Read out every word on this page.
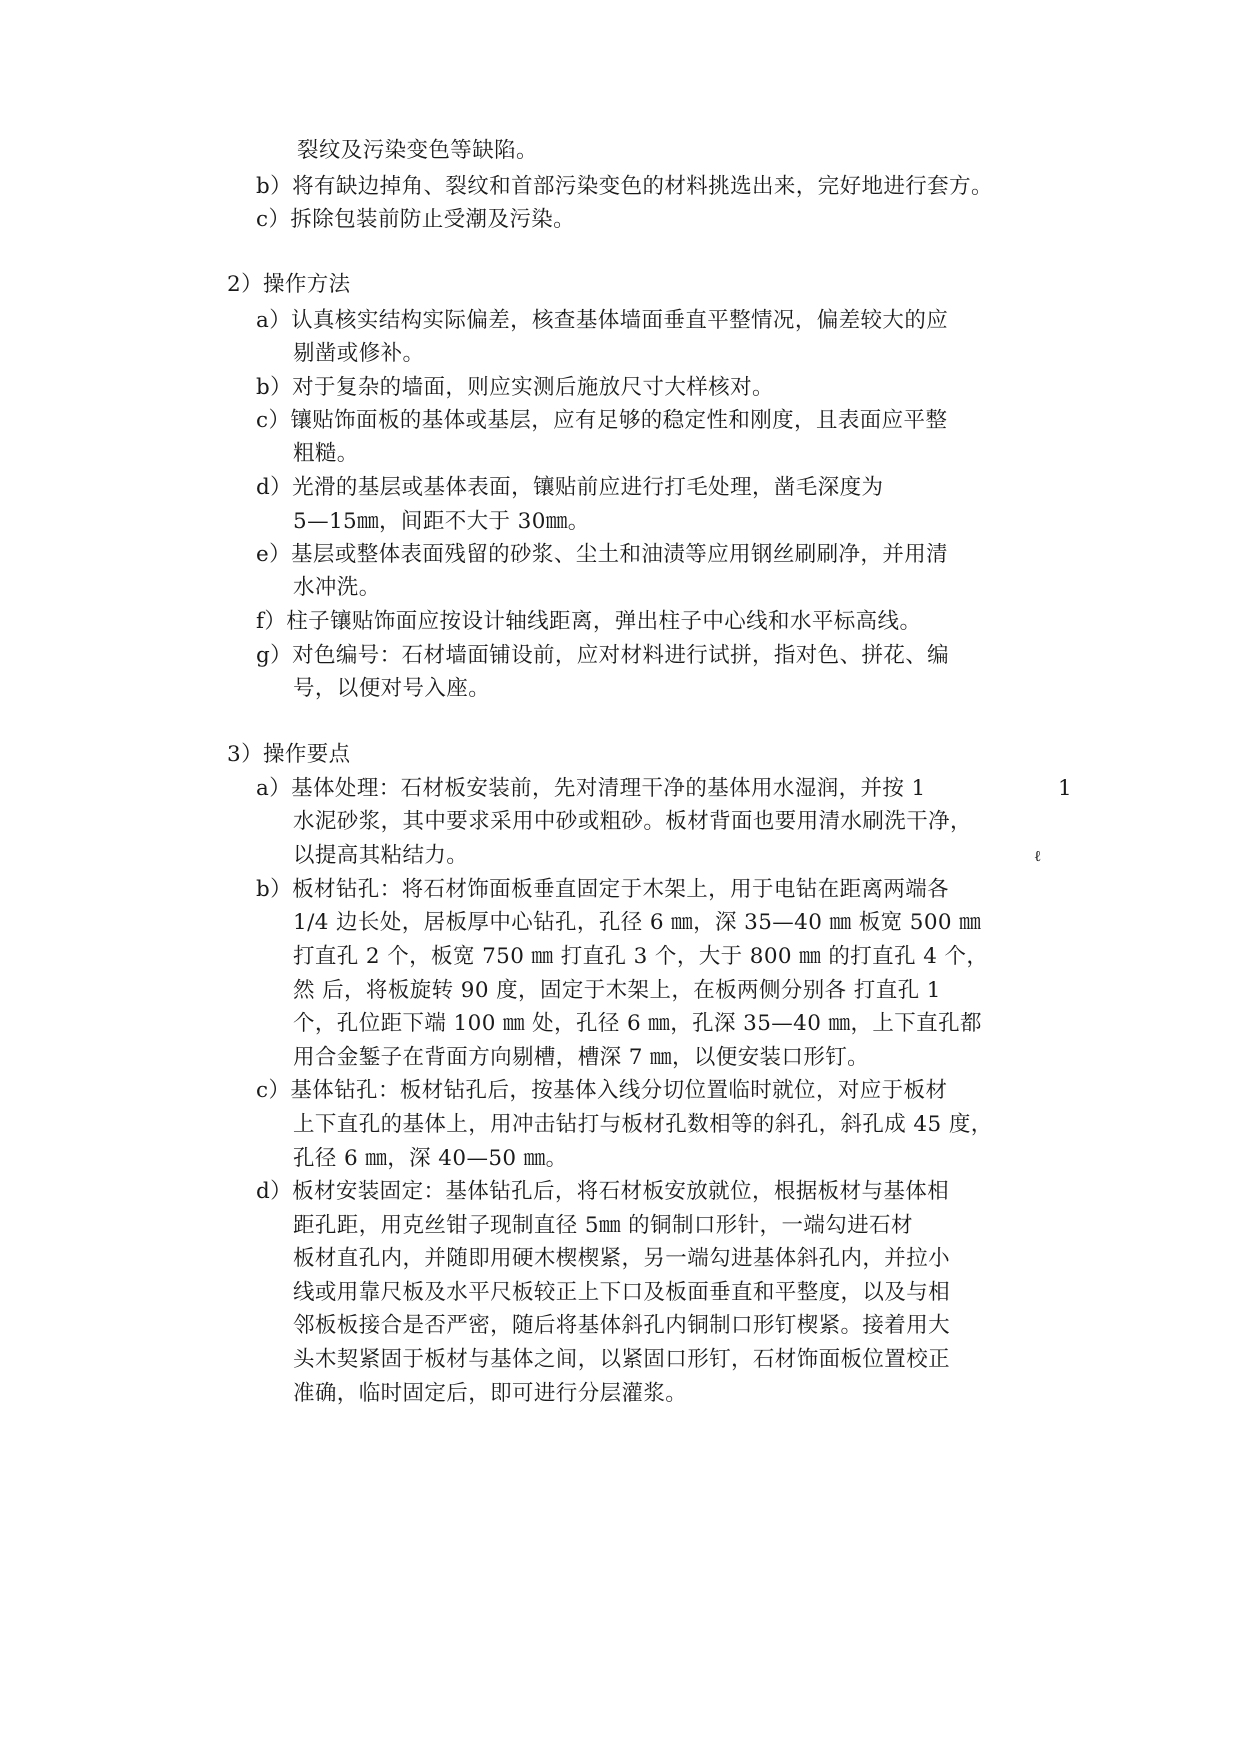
裂纹及污染变色等缺陷。
b）将有缺边掉角、裂纹和首部污染变色的材料挑选出来，完好地进行套方。
c）拆除包装前防止受潮及污染。
2）操作方法
a）认真核实结构实际偏差，核查基体墙面垂直平整情况，偏差较大的应
剔凿或修补。
b）对于复杂的墙面，则应实测后施放尺寸大样核对。
c）镶贴饰面板的基体或基层，应有足够的稳定性和刚度，且表面应平整
粗糙。
d）光滑的基层或基体表面，镶贴前应进行打毛处理，凿毛深度为
5—15㎜，间距不大于 30㎜。
e）基层或整体表面残留的砂浆、尘土和油渍等应用钢丝刷刷净，并用清
水冲洗。
f）柱子镶贴饰面应按设计轴线距离，弹出柱子中心线和水平标高线。
g）对色编号：石材墙面铺设前，应对材料进行试拼，指对色、拼花、编
号，以便对号入座。
3）操作要点
a）基体处理：石材板安装前，先对清理干净的基体用水湿润，并按 1
ℓ
1
水泥砂浆，其中要求采用中砂或粗砂。板材背面也要用清水刷洗干净，
以提高其粘结力。
b）板材钻孔：将石材饰面板垂直固定于木架上，用于电钻在距离两端各
1/4 边长处，居板厚中心钻孔，孔径 6 ㎜，深 35—40 ㎜ 板宽 500 ㎜
打直孔 2 个，板宽 750 ㎜ 打直孔 3 个，大于 800 ㎜ 的打直孔 4 个，
然 后，将板旋转 90 度，固定于木架上，在板两侧分别各 打直孔 1
个，孔位距下端 100 ㎜ 处，孔径 6 ㎜，孔深 35—40 ㎜，上下直孔都
用合金錾子在背面方向剔槽，槽深 7 ㎜，以便安装口形钉。
c）基体钻孔：板材钻孔后，按基体入线分切位置临时就位，对应于板材
上下直孔的基体上，用冲击钻打与板材孔数相等的斜孔，斜孔成 45 度，
孔径 6 ㎜，深 40—50 ㎜。
d）板材安装固定：基体钻孔后，将石材板安放就位，根据板材与基体相
距孔距，用克丝钳子现制直径 5㎜ 的铜制口形针，一端勾进石材
板材直孔内，并随即用硬木楔楔紧，另一端勾进基体斜孔内，并拉小
线或用靠尺板及水平尺板较正上下口及板面垂直和平整度，以及与相
邻板板接合是否严密，随后将基体斜孔内铜制口形钉楔紧。接着用大
头木契紧固于板材与基体之间，以紧固口形钉，石材饰面板位置校正
准确，临时固定后，即可进行分层灌浆。
